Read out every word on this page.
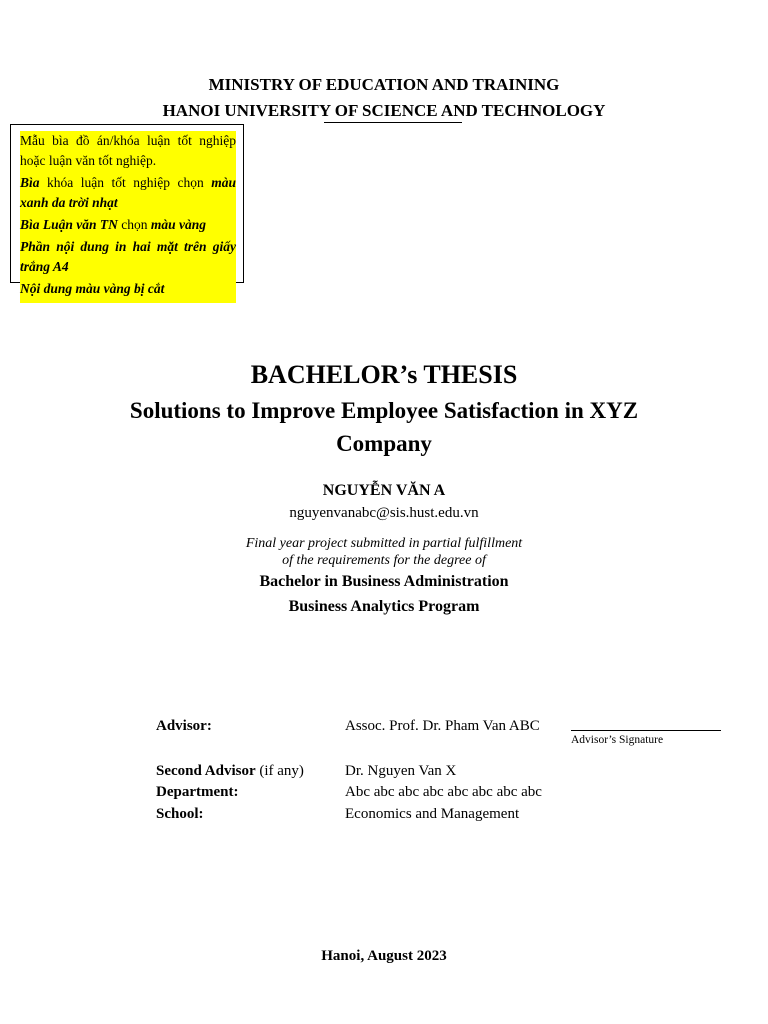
MINISTRY OF EDUCATION AND TRAINING
HANOI UNIVERSITY OF SCIENCE AND TECHNOLOGY

Mẫu bìa đồ án/khóa luận tốt nghiệp hoặc luận văn tốt nghiệp.

Bìa khóa luận tốt nghiệp chọn màu xanh da trời nhạt

Bìa Luận văn TN chọn màu vàng

Phần nội dung in hai mặt trên giấy trắng A4

Nội dung màu vàng bị cắt

BACHELOR’s THESIS
Solutions to Improve Employee Satisfaction in XYZ Company
NGUYỄN VĂN A
nguyenvanabc@sis.hust.edu.vn
Final year project submitted in partial fulfillment
of the requirements for the degree of
Bachelor in Business Administration
Business Analytics Program
Advisor:	Assoc. Prof. Dr. Pham Van ABC
Advisor’s Signature
Second Advisor (if any)	Dr. Nguyen Van X
Department:	Abc abc abc abc abc abc abc abc
School:	Economics and Management
Hanoi, August 2023
